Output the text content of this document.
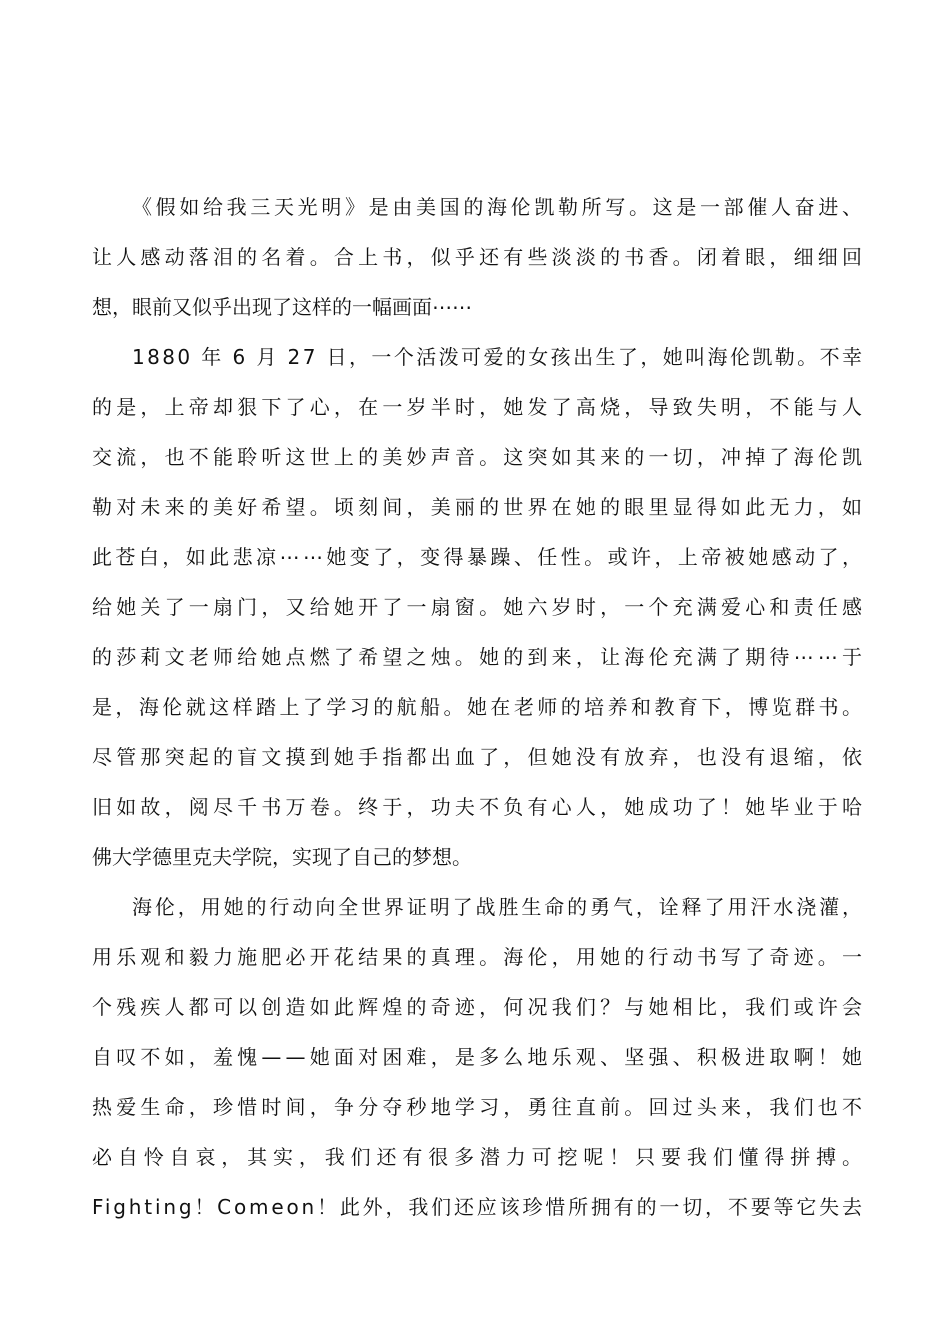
《假如给我三天光明》是由美国的海伦凯勒所写。这是一部催人奋进、
让人感动落泪的名着。合上书，似乎还有些淡淡的书香。闭着眼，细细回
想，眼前又似乎出现了这样的一幅画面⋯⋯
1880 年 6 月 27 日，一个活泼可爱的女孩出生了，她叫海伦凯勒。不幸
的是，上帝却狠下了心，在一岁半时，她发了高烧，导致失明，不能与人
交流，也不能聆听这世上的美妙声音。这突如其来的一切，冲掉了海伦凯
勒对未来的美好希望。顷刻间，美丽的世界在她的眼里显得如此无力，如
此苍白，如此悲凉⋯⋯她变了，变得暴躁、任性。或许，上帝被她感动了，
给她关了一扇门，又给她开了一扇窗。她六岁时，一个充满爱心和责任感
的莎莉文老师给她点燃了希望之烛。她的到来，让海伦充满了期待⋯⋯于
是，海伦就这样踏上了学习的航船。她在老师的培养和教育下，博览群书。
尽管那突起的盲文摸到她手指都出血了，但她没有放弃，也没有退缩，依
旧如故，阅尽千书万卷。终于，功夫不负有心人，她成功了！她毕业于哈
佛大学德里克夫学院，实现了自己的梦想。
海伦，用她的行动向全世界证明了战胜生命的勇气，诠释了用汗水浇灌，
用乐观和毅力施肥必开花结果的真理。海伦，用她的行动书写了奇迹。一
个残疾人都可以创造如此辉煌的奇迹，何况我们？与她相比，我们或许会
自叹不如，羞愧——她面对困难，是多么地乐观、坚强、积极进取啊！她
热爱生命，珍惜时间，争分夺秒地学习，勇往直前。回过头来，我们也不
必自怜自哀，其实，我们还有很多潜力可挖呢！只要我们懂得拼搏。
Fighting！Comeon！此外，我们还应该珍惜所拥有的一切，不要等它失去
